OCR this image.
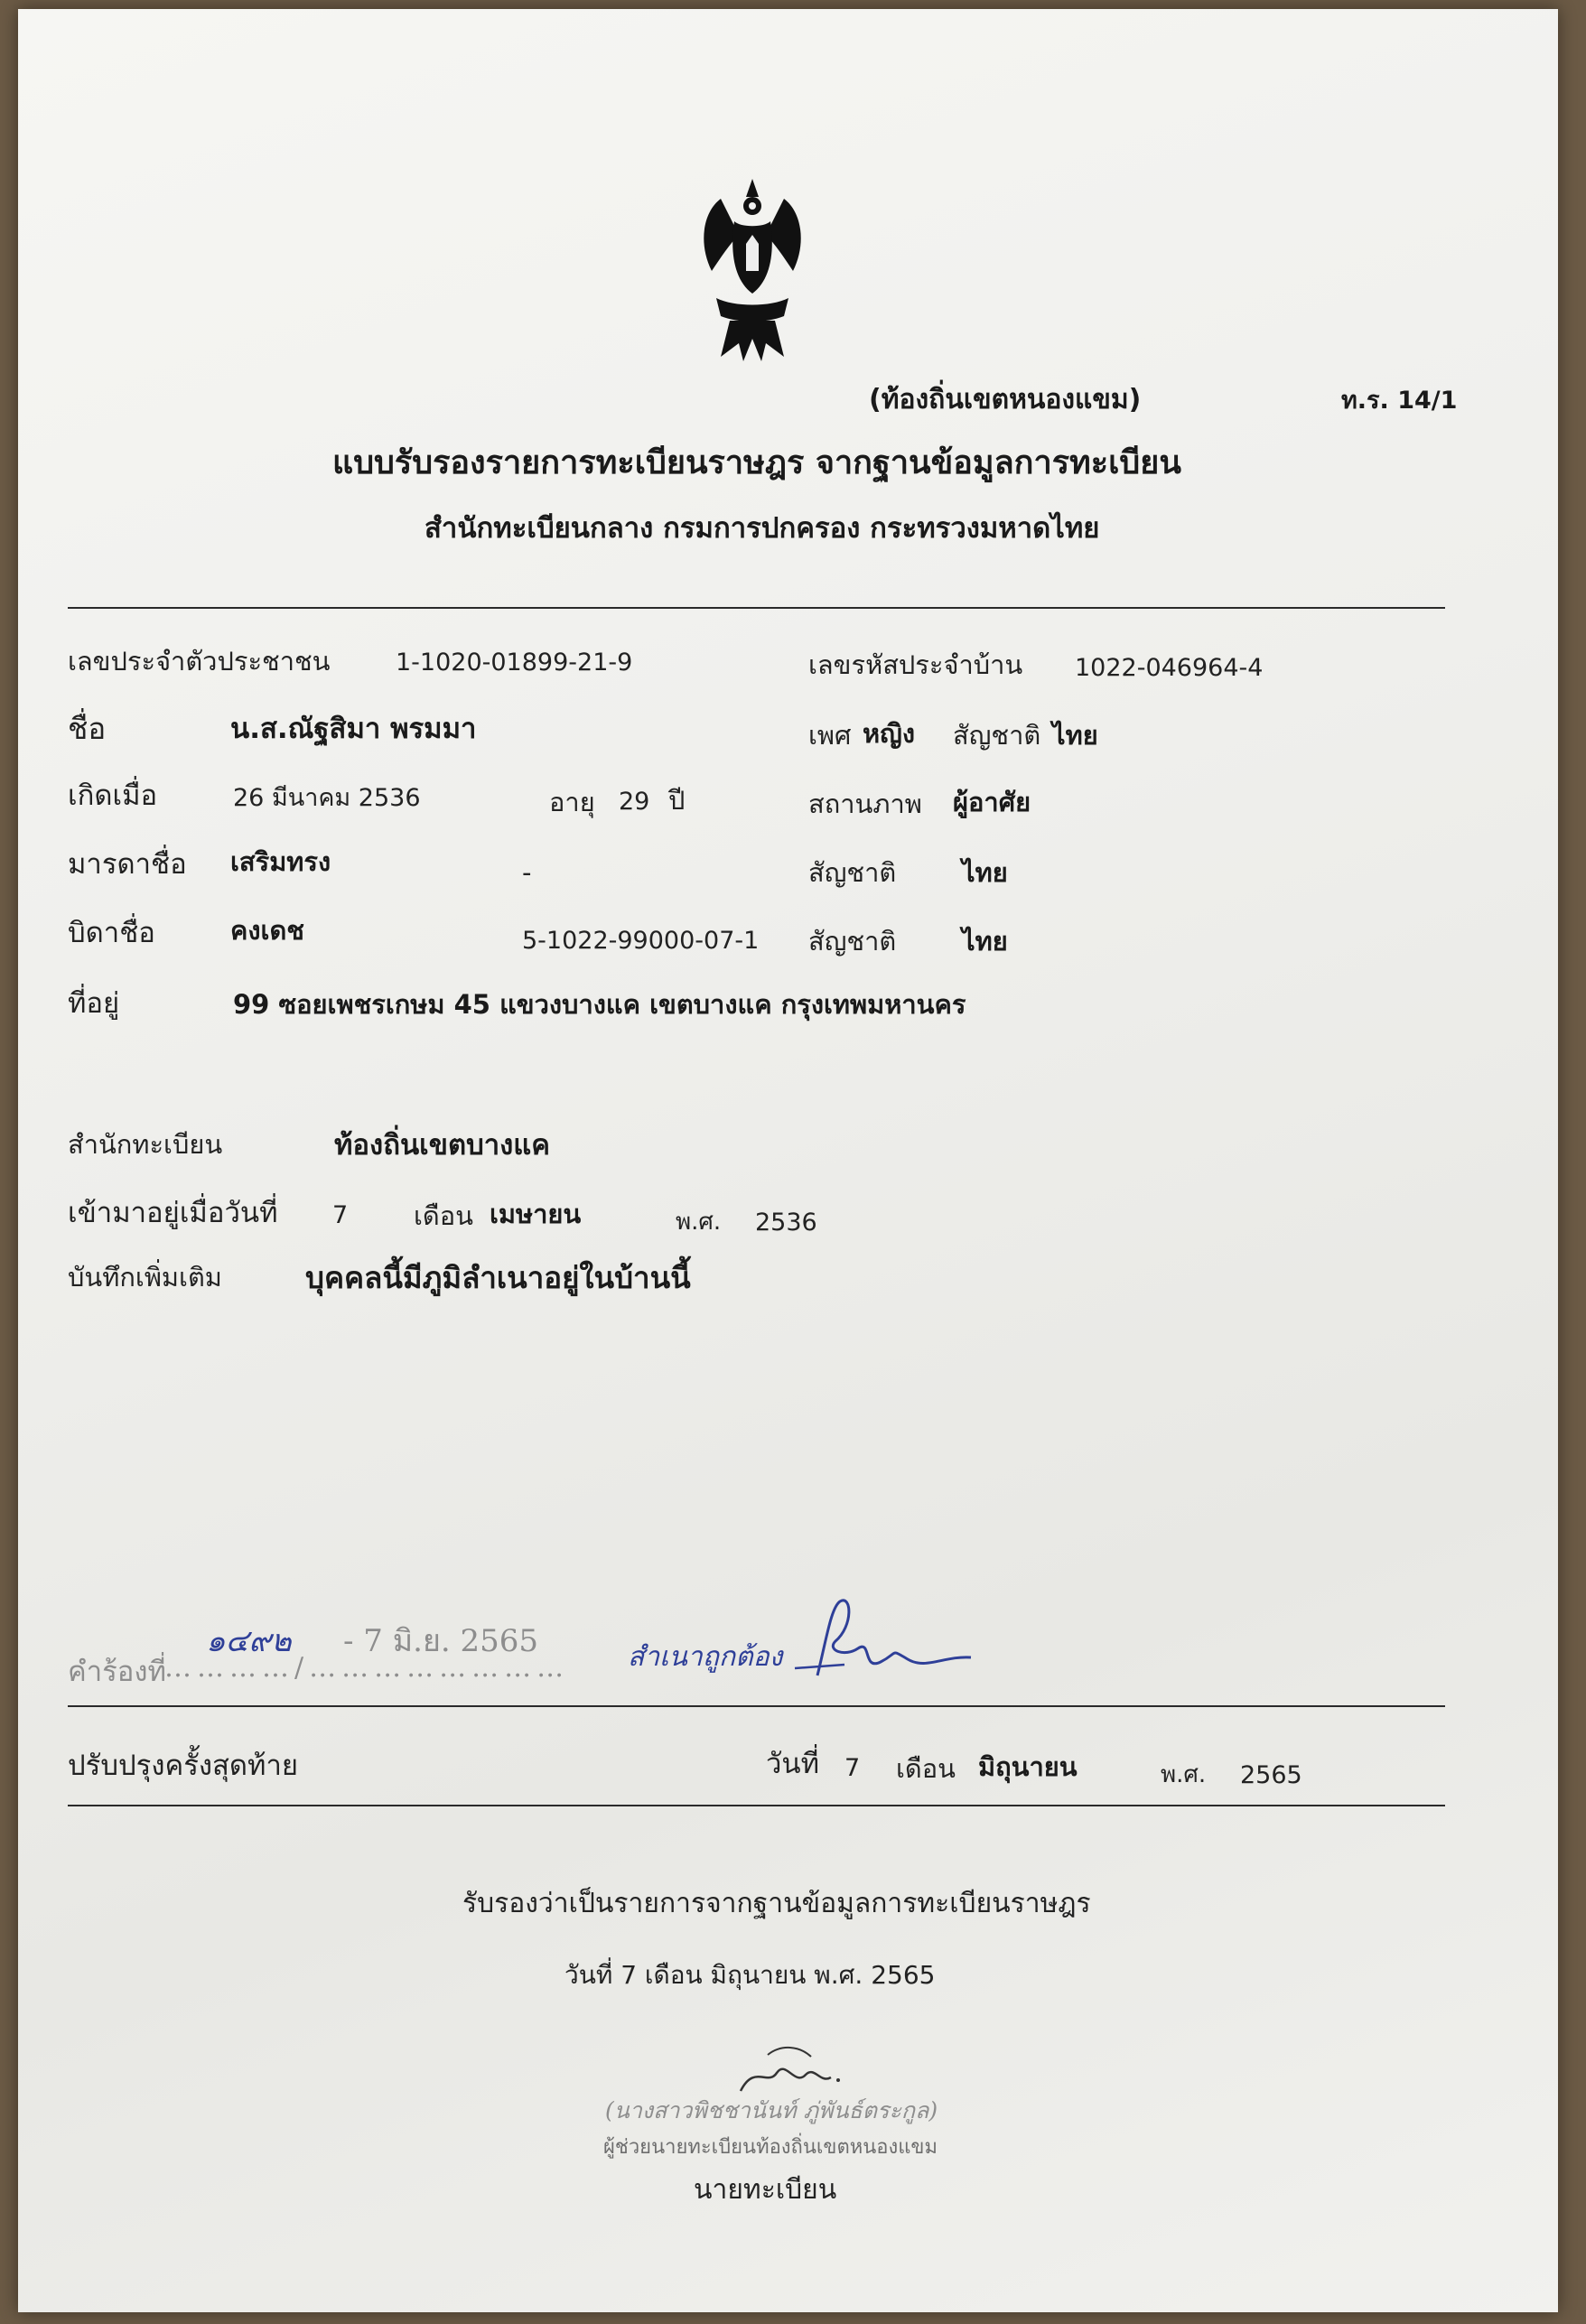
(ท้องถิ่นเขตหนองแขม)	ท.ร. 14/1
แบบรับรองรายการทะเบียนราษฎร จากฐานข้อมูลการทะเบียน
สำนักทะเบียนกลาง กรมการปกครอง กระทรวงมหาดไทย
เลขประจำตัวประชาชน	1-1020-01899-21-9	เลขรหัสประจำบ้าน 1022-046964-4
ชื่อ	น.ส.ณัฐสิมา พรมมา	เพศ หญิง สัญชาติ ไทย
เกิดเมื่อ	26 มีนาคม 2536	อายุ 29 ปี	สถานภาพ ผู้อาศัย
มารดาชื่อ เสริมทรง	-	สัญชาติ	ไทย
บิดาชื่อ	คงเดช	5-1022-99000-07-1 สัญชาติ	ไทย
ที่อยู่	99 ซอยเพชรเกษม 45 แขวงบางแค เขตบางแค กรุงเทพมหานคร
สำนักทะเบียน	ท้องถิ่นเขตบางแค
เข้ามาอยู่เมื่อวันที่ 7	เดือน เมษายน	พ.ศ. 2536
บันทึกเพิ่มเติม	บุคคลนี้มีภูมิลำเนาอยู่ในบ้านนี้
คำร้องที่
…………/……………………
๑๔๙๒ - 7 มิ.ย. 2565	สำเนาถูกต้อง
ปรับปรุงครั้งสุดท้าย	วันที่ 7 เดือน มิถุนายน	พ.ศ. 2565
รับรองว่าเป็นรายการจากฐานข้อมูลการทะเบียนราษฎร
วันที่ 7 เดือน มิถุนายน พ.ศ. 2565
(นางสาวพิชชานันท์ ภู่พันธ์ตระกูล)
ผู้ช่วยนายทะเบียนท้องถิ่นเขตหนองแขม
นายทะเบียน
